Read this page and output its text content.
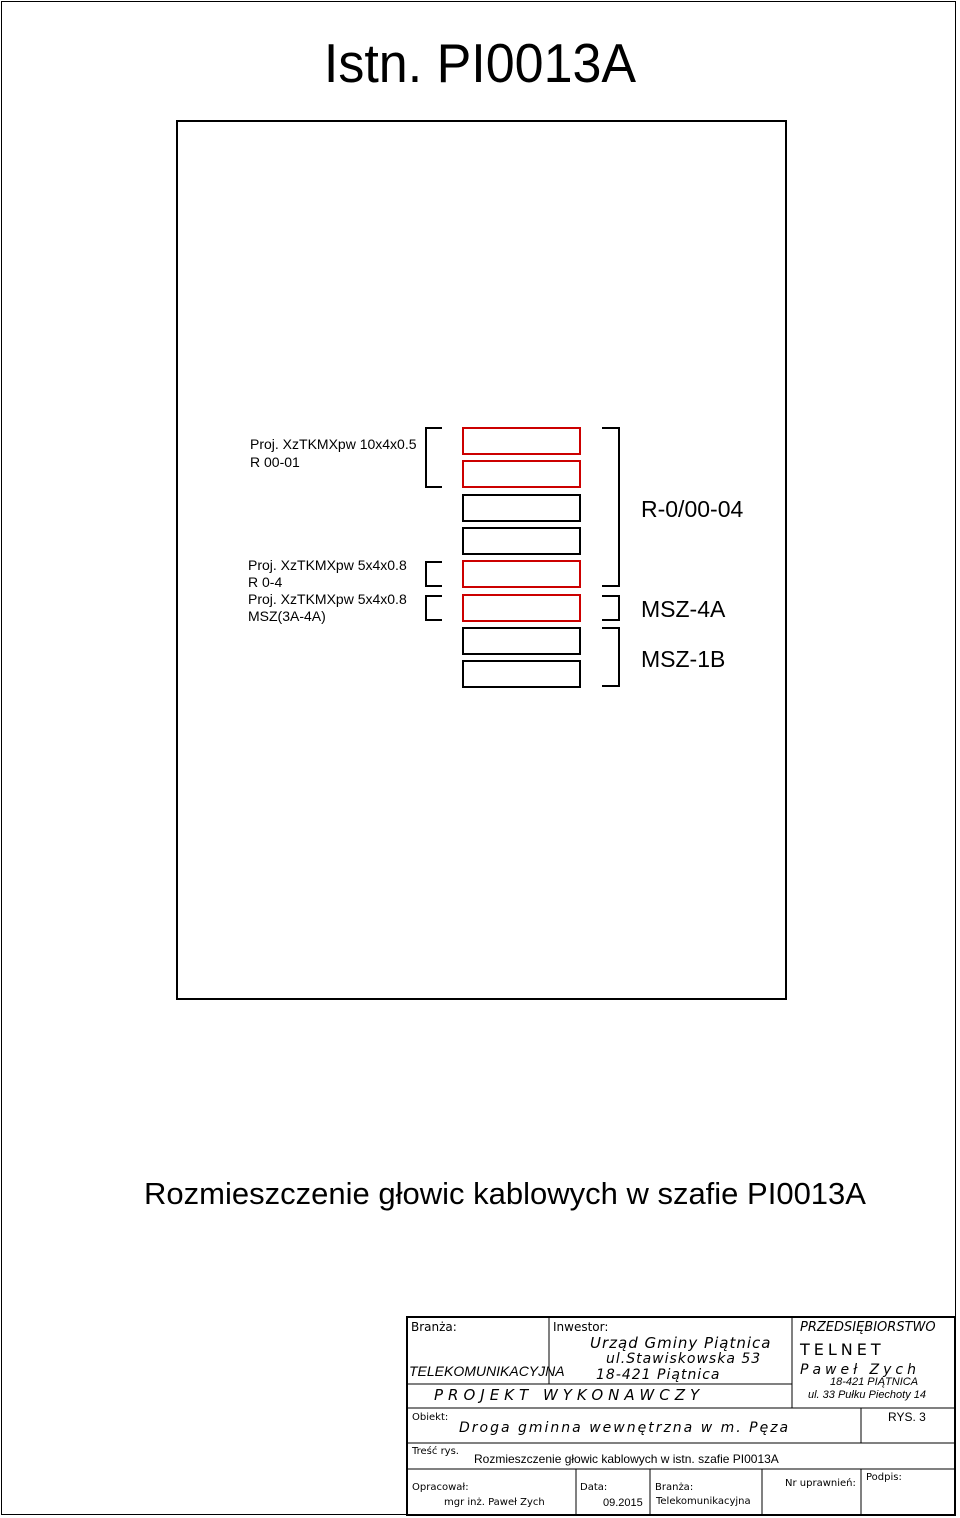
Istn. PI0013A
Proj. XzTKMXpw 10x4x0.5
R 00-01
Proj. XzTKMXpw 5x4x0.8
R 0-4
Proj. XzTKMXpw 5x4x0.8
MSZ(3A-4A)
R-0/00-04
MSZ-4A
MSZ-1B
Rozmieszczenie głowic kablowych w szafie PI0013A
Branża:
TELEKOMUNIKACYJNA
Inwestor:
Urząd Gminy Piątnica
ul.Stawiskowska 53
18-421 Piątnica
PROJEKT WYKONAWCZY
PRZEDSIĘBIORSTWO
TELNET
Paweł Zych
18-421 PIĄTNICA
ul. 33 Pułku Piechoty 14
Obiekt:
Droga gminna wewnętrzna w m. Pęza
RYS. 3
Treść rys.
Rozmieszczenie głowic kablowych w istn. szafie PI0013A
Opracował:
mgr inż. Paweł Zych
Data:
09.2015
Branża:
Telekomunikacyjna
Nr uprawnień:
Podpis:
